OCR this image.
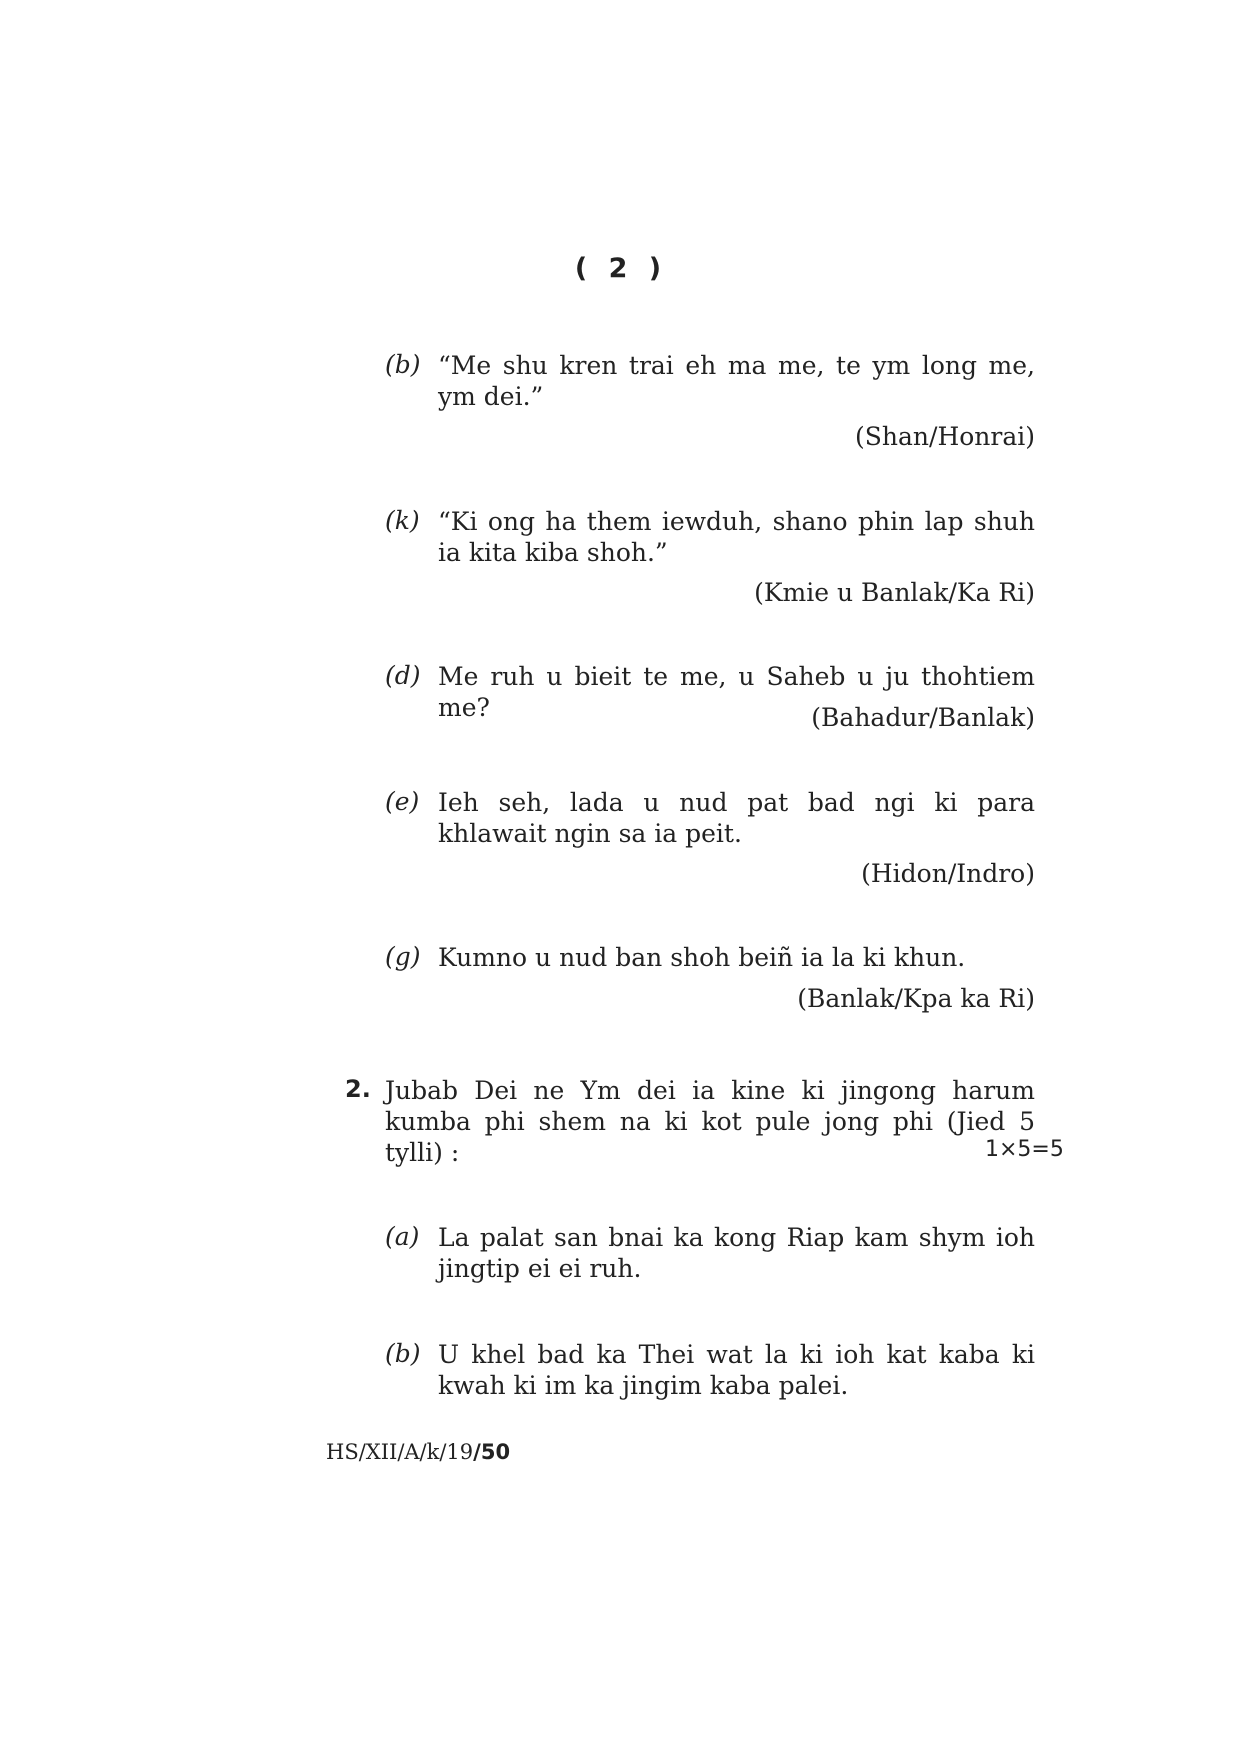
( 2 )
(b) “Me shu kren trai eh ma me, te ym long me, ym dei.”
(Shan/Honrai)
(k) “Ki ong ha them iewduh, shano phin lap shuh ia kita kiba shoh.”
(Kmie u Banlak/Ka Ri)
(d) Me ruh u bieit te me, u Saheb u ju thohtiem me?	(Bahadur/Banlak)
(e) Ieh seh, lada u nud pat bad ngi ki para khlawait ngin sa ia peit.
(Hidon/Indro)
(g) Kumno u nud ban shoh beiñ ia la ki khun.
(Banlak/Kpa ka Ri)
2. Jubab Dei ne Ym dei ia kine ki jingong harum kumba phi shem na ki kot pule jong phi (Jied 5 tylli) :	1×5=5
(a) La palat san bnai ka kong Riap kam shym ioh jingtip ei ei ruh.
(b) U khel bad ka Thei wat la ki ioh kat kaba ki kwah ki im ka jingim kaba palei.
HS/XII/A/k/19/50
